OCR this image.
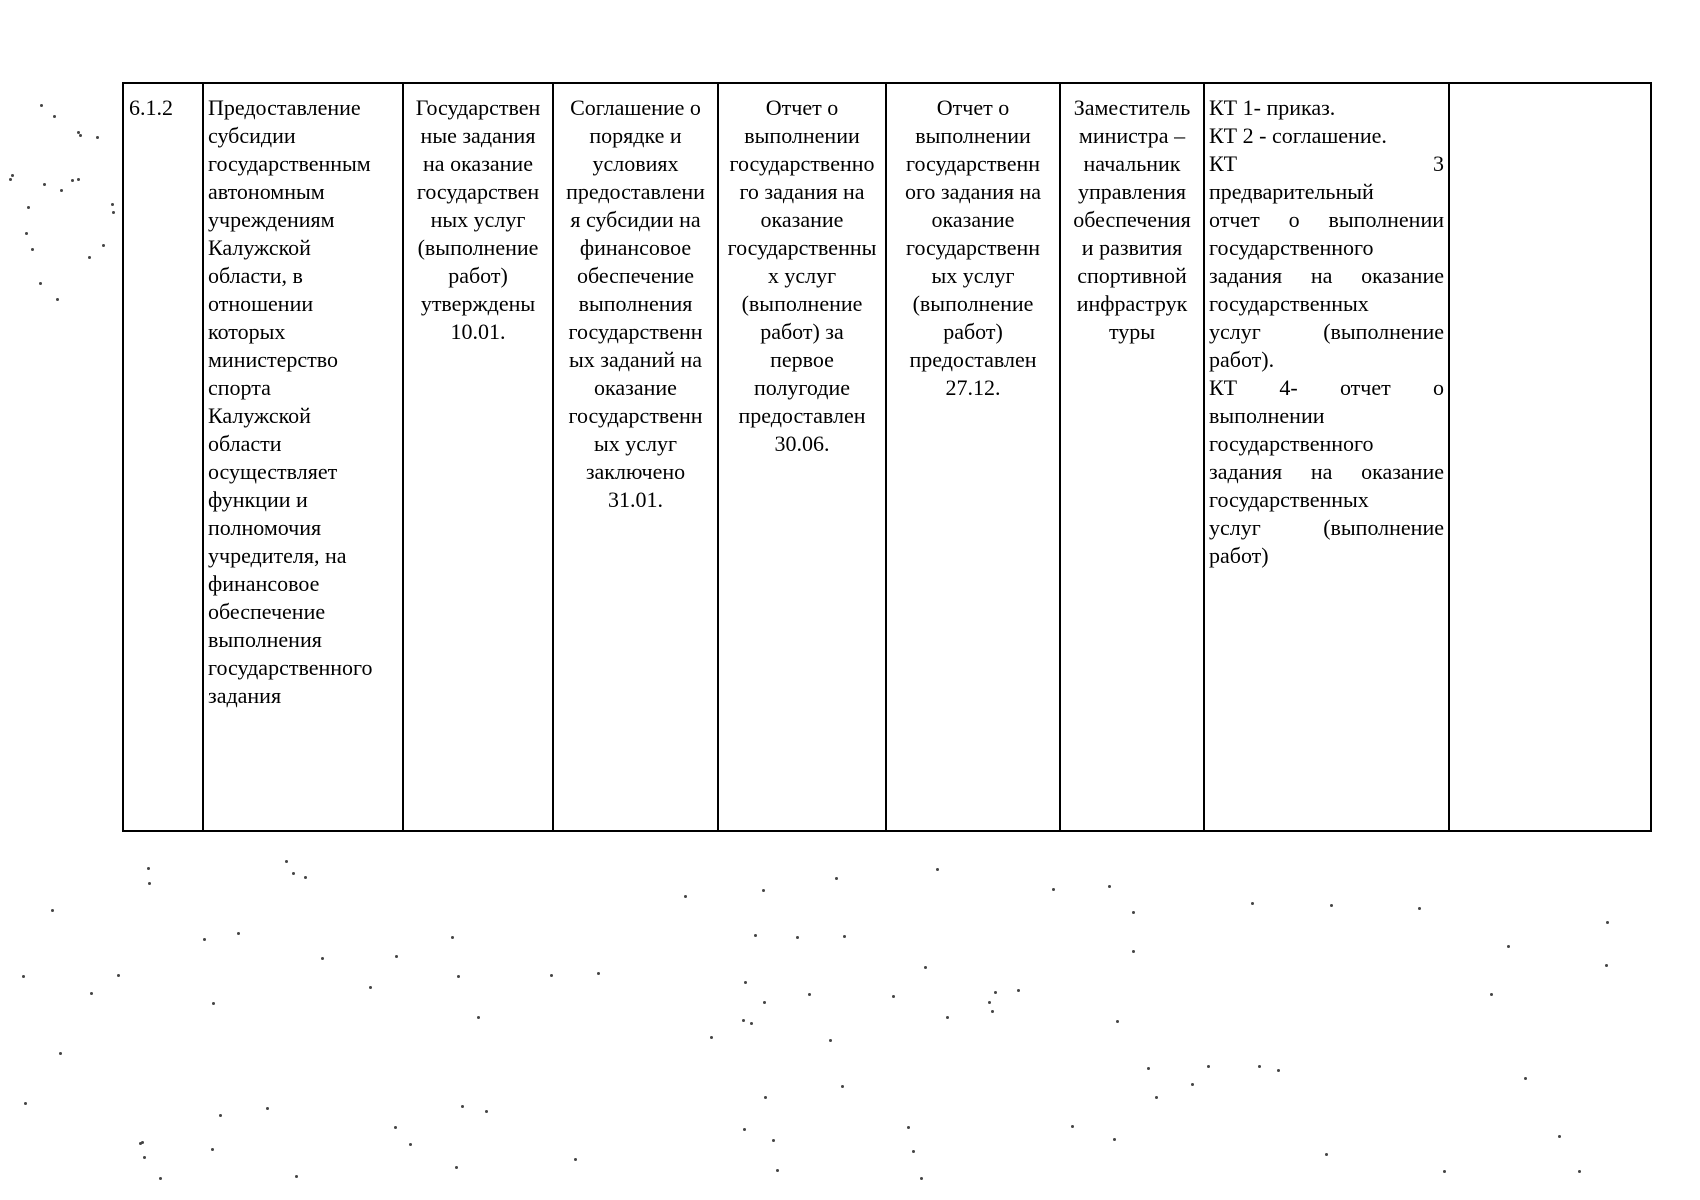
6.1.2	Предоставление
субсидии
государственным
автономным
учреждениям
Калужской
области, в
отношении
которых
министерство
спорта
Калужской
области
осуществляет
функции и
полномочия
учредителя, на
финансовое
обеспечение
выполнения
государственного
задания
Государствен
ные задания
на оказание
государствен
ных услуг
(выполнение
работ)
утверждены
10.01.
Соглашение о
порядке и
условиях
предоставлени
я субсидии на
финансовое
обеспечение
выполнения
государственн
ых заданий на
оказание
государственн
ых услуг
заключено
31.01.
Отчет о
выполнении
государственно
го задания на
оказание
государственны
х услуг
(выполнение
работ) за
первое
полугодие
предоставлен
30.06.
Отчет о
выполнении
государственн
ого задания на
оказание
государственн
ых услуг
(выполнение
работ)
предоставлен
27.12.
Заместитель
министра –
начальник
управления
обеспечения
и развития
спортивной
инфраструк
туры
КТ 1- приказ.
КТ 2 - соглашение.
КТ 3
предварительный
отчет о выполнении
государственного
задания на оказание
государственных
услуг (выполнение
работ).
КТ 4- отчет о
выполнении
государственного
задания на оказание
государственных
услуг (выполнение
работ)
